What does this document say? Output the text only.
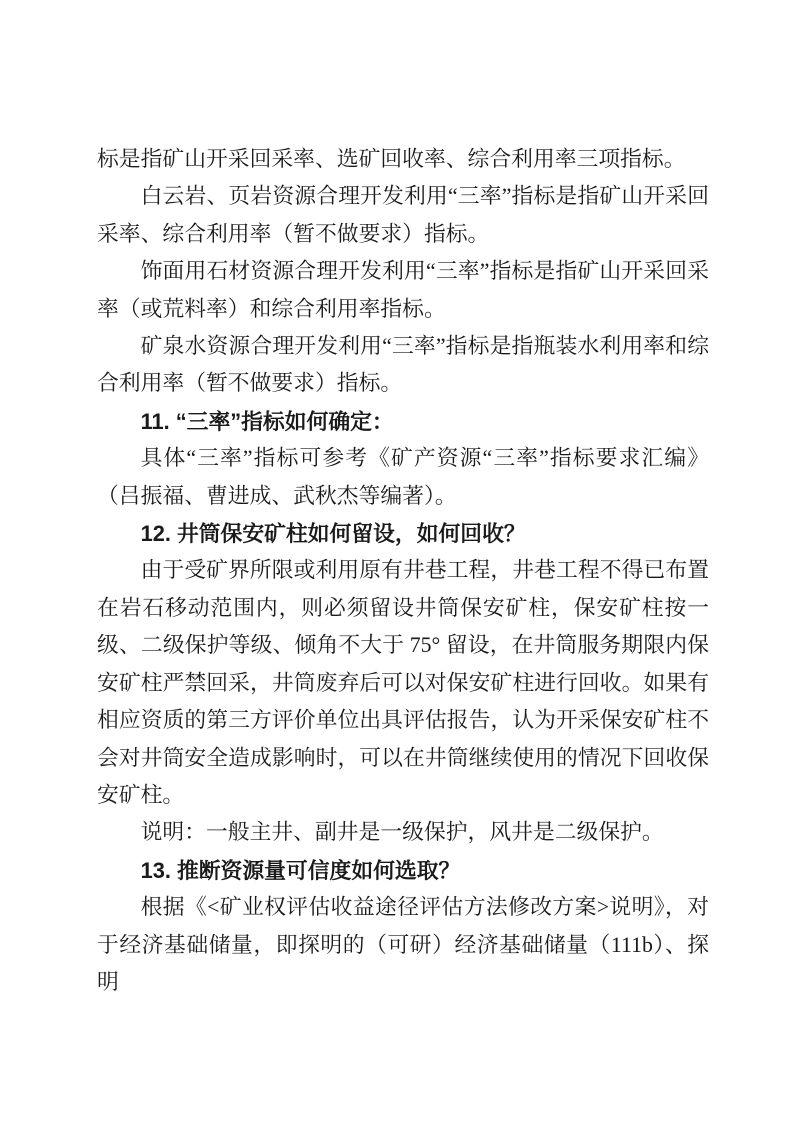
标是指矿山开采回采率、选矿回收率、综合利用率三项指标。

白云岩、页岩资源合理开发利用“三率”指标是指矿山开采回采率、综合利用率（暂不做要求）指标。

饰面用石材资源合理开发利用“三率”指标是指矿山开采回采率（或荒料率）和综合利用率指标。

矿泉水资源合理开发利用“三率”指标是指瓶装水利用率和综合利用率（暂不做要求）指标。

11. “三率”指标如何确定：

具体“三率”指标可参考《矿产资源“三率”指标要求汇编》（吕振福、曹进成、武秋杰等编著）。

12. 井筒保安矿柱如何留设，如何回收？

由于受矿界所限或利用原有井巷工程，井巷工程不得已布置在岩石移动范围内，则必须留设井筒保安矿柱，保安矿柱按一级、二级保护等级、倾角不大于 75° 留设，在井筒服务期限内保安矿柱严禁回采，井筒废弃后可以对保安矿柱进行回收。如果有相应资质的第三方评价单位出具评估报告，认为开采保安矿柱不会对井筒安全造成影响时，可以在井筒继续使用的情况下回收保安矿柱。

说明：一般主井、副井是一级保护，风井是二级保护。

13. 推断资源量可信度如何选取？

根据《<矿业权评估收益途径评估方法修改方案>说明》，对于经济基础储量，即探明的（可研）经济基础储量（111b）、探明
